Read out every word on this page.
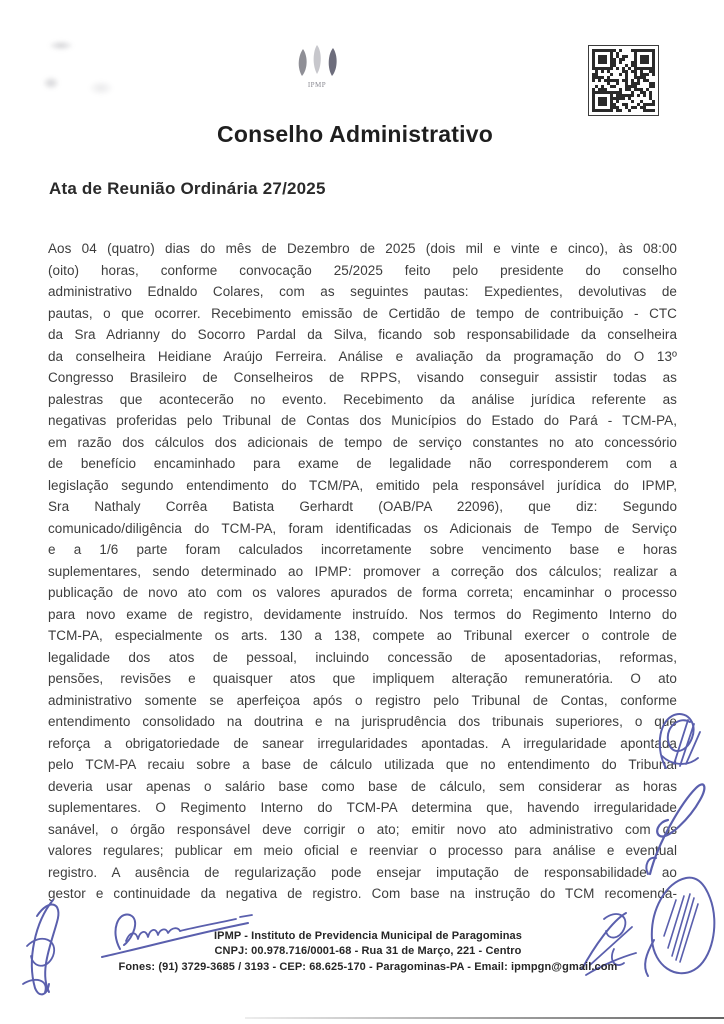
IPMP
Conselho Administrativo
Ata de Reunião Ordinária 27/2025
Aos 04 (quatro) dias do mês de Dezembro de 2025 (dois mil e vinte e cinco), às 08:00
(oito) horas, conforme convocação 25/2025 feito pelo presidente do conselho
administrativo Ednaldo Colares, com as seguintes pautas: Expedientes, devolutivas de
pautas, o que ocorrer. Recebimento emissão de Certidão de tempo de contribuição - CTC
da Sra Adrianny do Socorro Pardal da Silva, ficando sob responsabilidade da conselheira
da conselheira Heidiane Araújo Ferreira. Análise e avaliação da programação do O 13º
Congresso Brasileiro de Conselheiros de RPPS, visando conseguir assistir todas as
palestras que acontecerão no evento. Recebimento da análise jurídica referente as
negativas proferidas pelo Tribunal de Contas dos Municípios do Estado do Pará - TCM-PA,
em razão dos cálculos dos adicionais de tempo de serviço constantes no ato concessório
de benefício encaminhado para exame de legalidade não corresponderem com a
legislação segundo entendimento do TCM/PA, emitido pela responsável jurídica do IPMP,
Sra Nathaly Corrêa Batista Gerhardt (OAB/PA 22096), que diz: Segundo
comunicado/diligência do TCM-PA, foram identificadas os Adicionais de Tempo de Serviço
e a 1/6 parte foram calculados incorretamente sobre vencimento base e horas
suplementares, sendo determinado ao IPMP: promover a correção dos cálculos; realizar a
publicação de novo ato com os valores apurados de forma correta; encaminhar o processo
para novo exame de registro, devidamente instruído. Nos termos do Regimento Interno do
TCM-PA, especialmente os arts. 130 a 138, compete ao Tribunal exercer o controle de
legalidade dos atos de pessoal, incluindo concessão de aposentadorias, reformas,
pensões, revisões e quaisquer atos que impliquem alteração remuneratória. O ato
administrativo somente se aperfeiçoa após o registro pelo Tribunal de Contas, conforme
entendimento consolidado na doutrina e na jurisprudência dos tribunais superiores, o que
reforça a obrigatoriedade de sanear irregularidades apontadas. A irregularidade apontada
pelo TCM-PA recaiu sobre a base de cálculo utilizada que no entendimento do Tribunal
deveria usar apenas o salário base como base de cálculo, sem considerar as horas
suplementares. O Regimento Interno do TCM-PA determina que, havendo irregularidade
sanável, o órgão responsável deve corrigir o ato; emitir novo ato administrativo com os
valores regulares; publicar em meio oficial e reenviar o processo para análise e eventual
registro. A ausência de regularização pode ensejar imputação de responsabilidade ao
gestor e continuidade da negativa de registro. Com base na instrução do TCM recomenda-
IPMP - Instituto de Previdencia Municipal de Paragominas
CNPJ: 00.978.716/0001-68 - Rua 31 de Março, 221 - Centro
Fones: (91) 3729-3685 / 3193 - CEP: 68.625-170 - Paragominas-PA - Email: ipmpgn@gmail.com
